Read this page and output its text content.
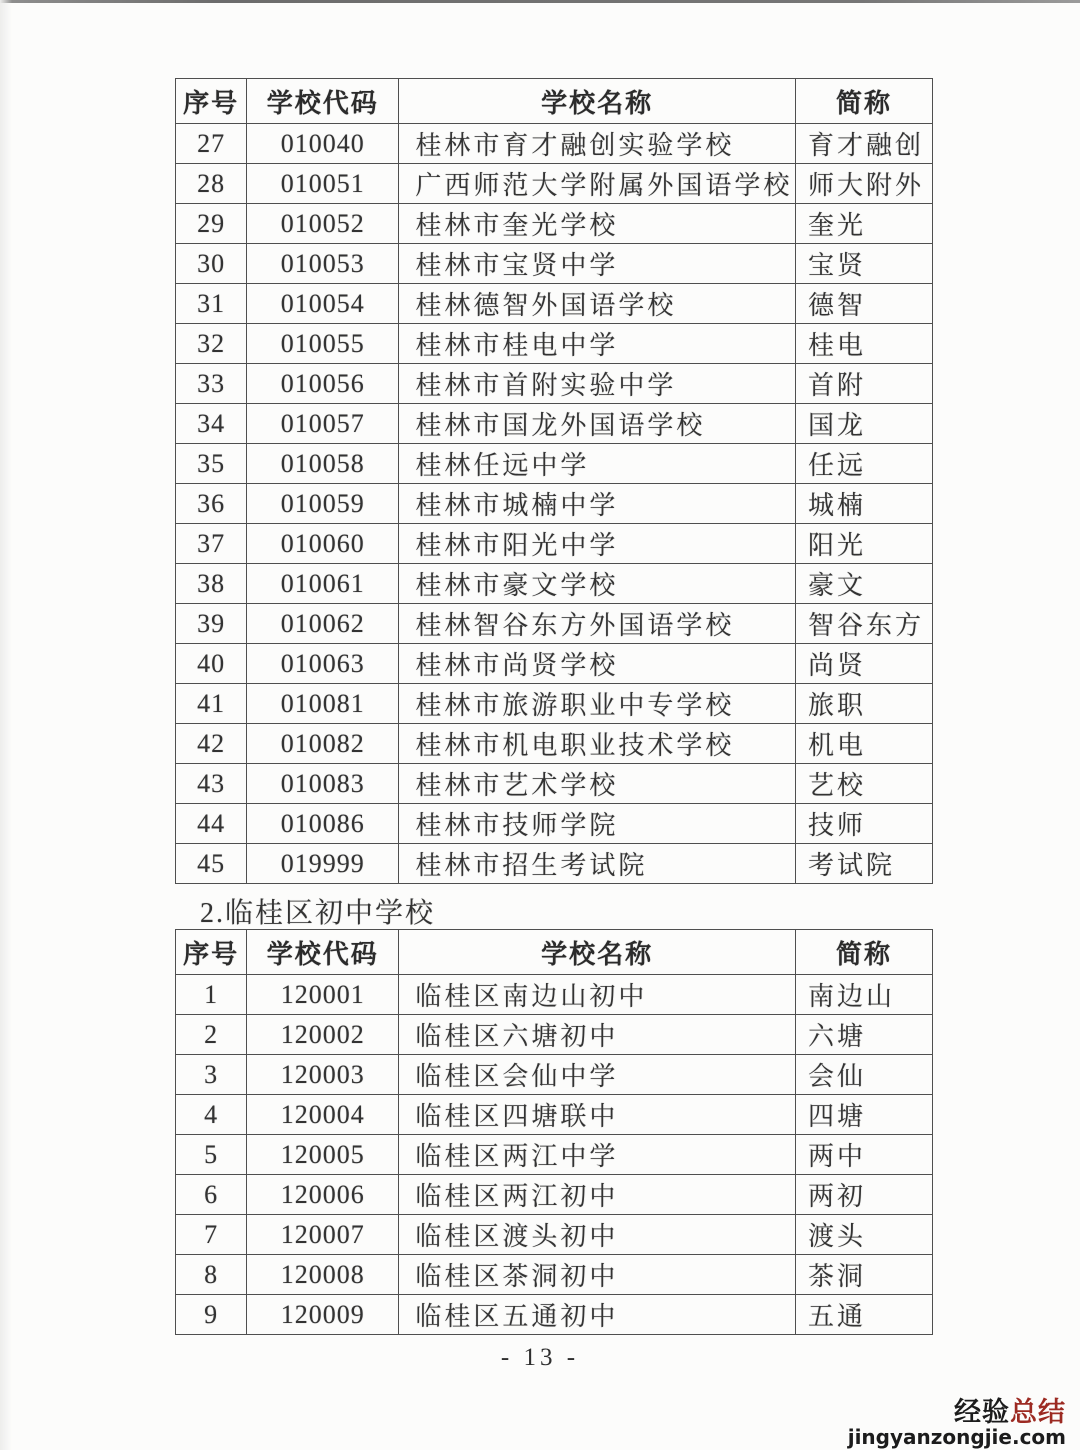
序号	学校代码	学校名称	简称
27	010040	桂林市育才融创实验学校	育才融创
28	010051	广西师范大学附属外国语学校	师大附外
29	010052	桂林市奎光学校	奎光
30	010053	桂林市宝贤中学	宝贤
31	010054	桂林德智外国语学校	德智
32	010055	桂林市桂电中学	桂电
33	010056	桂林市首附实验中学	首附
34	010057	桂林市国龙外国语学校	国龙
35	010058	桂林任远中学	任远
36	010059	桂林市城楠中学	城楠
37	010060	桂林市阳光中学	阳光
38	010061	桂林市豪文学校	豪文
39	010062	桂林智谷东方外国语学校	智谷东方
40	010063	桂林市尚贤学校	尚贤
41	010081	桂林市旅游职业中专学校	旅职
42	010082	桂林市机电职业技术学校	机电
43	010083	桂林市艺术学校	艺校
44	010086	桂林市技师学院	技师
45	019999	桂林市招生考试院	考试院
2.临桂区初中学校
序号	学校代码	学校名称	简称
1	120001	临桂区南边山初中	南边山
2	120002	临桂区六塘初中	六塘
3	120003	临桂区会仙中学	会仙
4	120004	临桂区四塘联中	四塘
5	120005	临桂区两江中学	两中
6	120006	临桂区两江初中	两初
7	120007	临桂区渡头初中	渡头
8	120008	临桂区茶洞初中	茶洞
9	120009	临桂区五通初中	五通
- 13 -
经验总结
jingyanzongjie.com
